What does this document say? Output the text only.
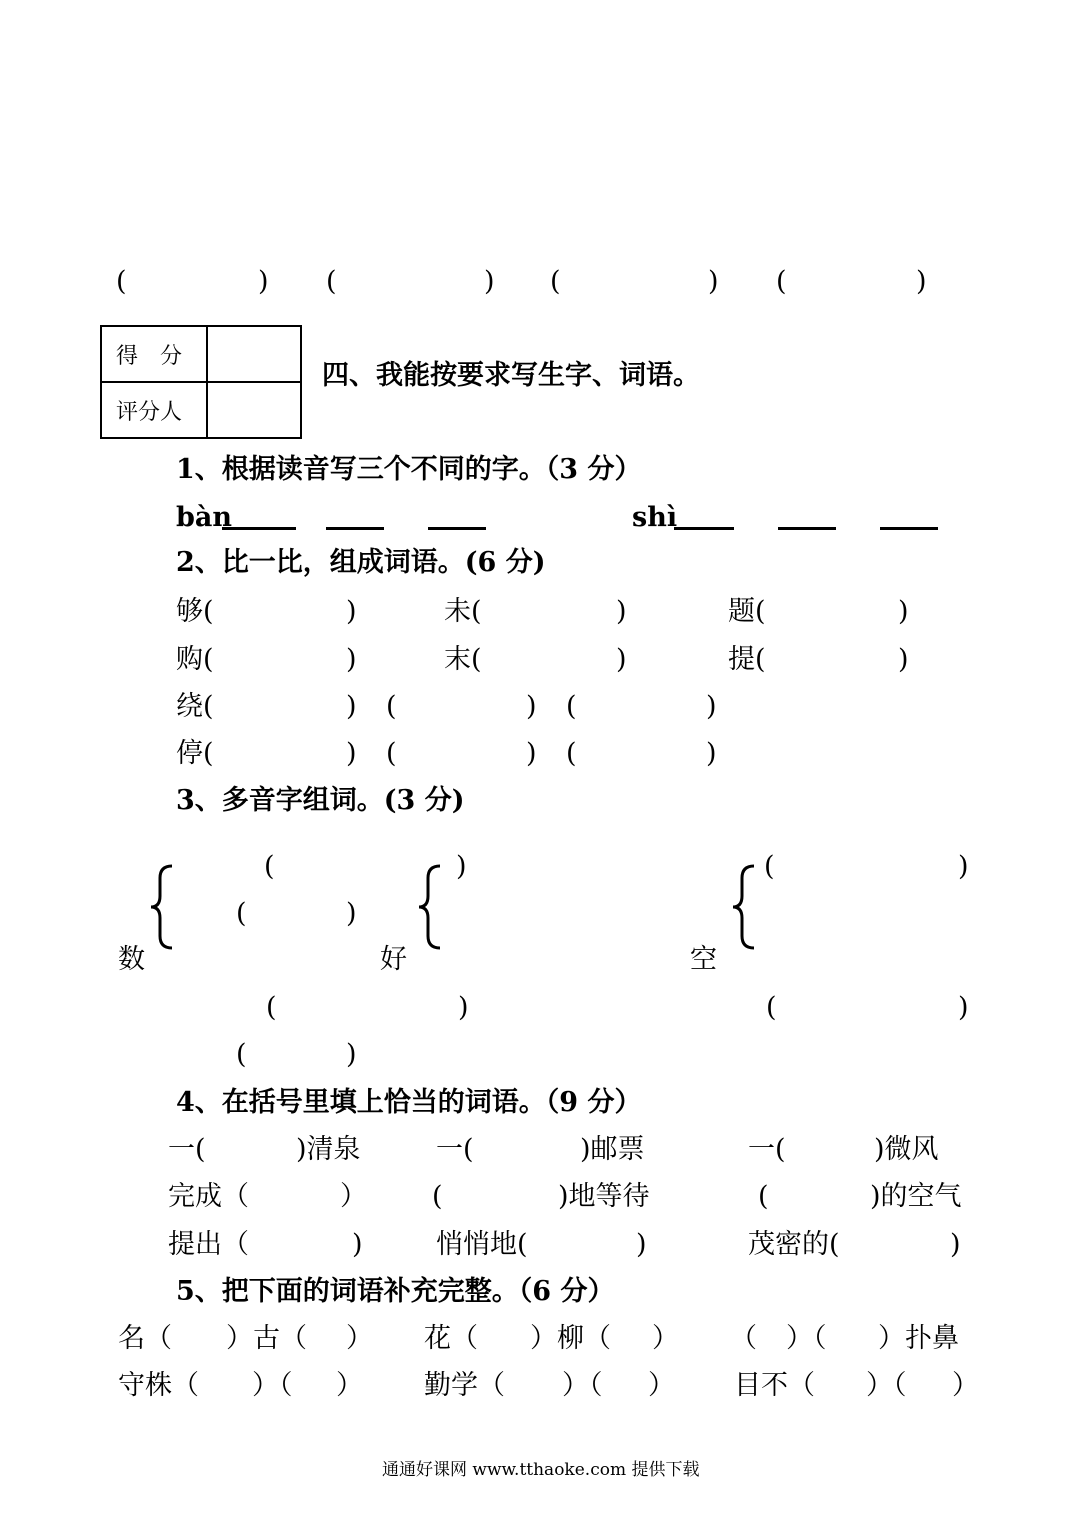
(	) (	) (	) (	)
得　分	
评分人	
四、我能按要求写生字、词语。
1、根据读音写三个不同的字。（3 分）
bàn	shì
2、比一比，组成词语。(6 分)
够(	)	未(	)	题(	)
购(	)	末(	)	提(	)
绕(	) (	) (	)
停(	) (	) (	)
3、多音字组词。(3 分)
(	)	(	)
(	)
数	好	空
(	)	(	)
(	)
4、在括号里填上恰当的词语。（9 分）
一(	)清泉	一(	)邮票	一(	)微风
完成（	） (	)地等待	(	)的空气
提出（	)	悄悄地(	)	茂密的(	)
5、把下面的词语补充完整。（6 分）
名（ ）古（ ） 花（ ）柳（ ） （ ）（ ）扑鼻
守株（ ）（ ） 勤学（ ）（ ） 目不（ ）（ ）
通通好课网 www.tthaoke.com 提供下载
